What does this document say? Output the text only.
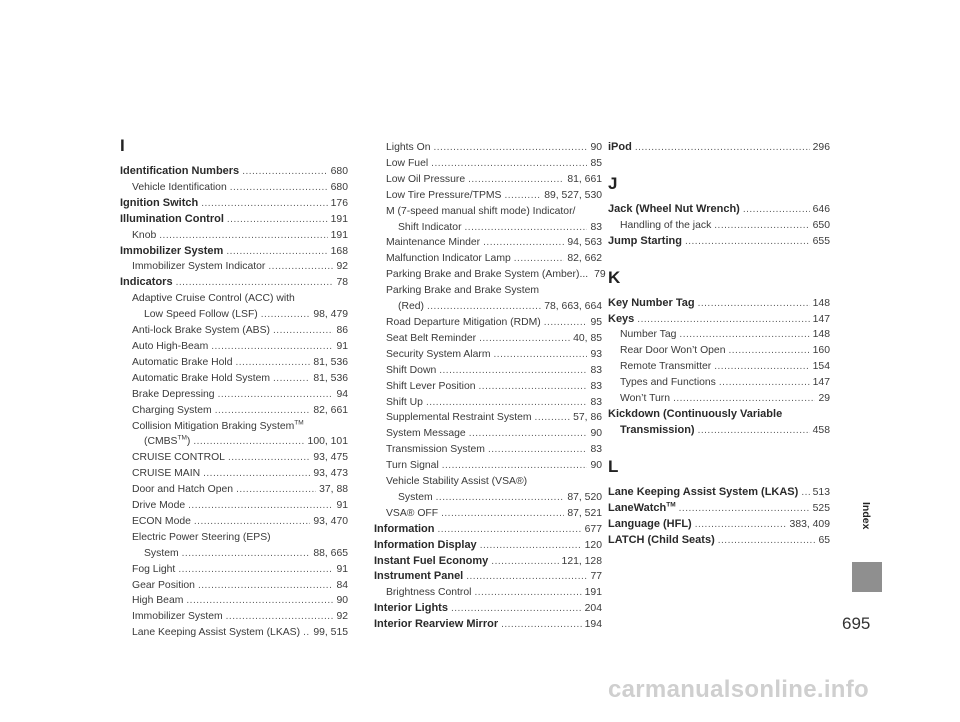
I
Identification Numbers .....	680
Vehicle Identification .....	680
Ignition Switch .....	176
Illumination Control .....	191
Knob .....	191
Immobilizer System .....	168
Immobilizer System Indicator .....	92
Indicators .....	78
Adaptive Cruise Control (ACC) with
Low Speed Follow (LSF) .....	98, 479
Anti-lock Brake System (ABS) .....	86
Auto High-Beam .....	91
Automatic Brake Hold .....	81, 536
Automatic Brake Hold System .....	81, 536
Brake Depressing .....	94
Charging System .....	82, 661
Collision Mitigation Braking System™
(CMBS™) .....	100, 101
CRUISE CONTROL .....	93, 475
CRUISE MAIN .....	93, 473
Door and Hatch Open .....	37, 88
Drive Mode .....	91
ECON Mode .....	93, 470
Electric Power Steering (EPS)
System .....	88, 665
Fog Light .....	91
Gear Position .....	84
High Beam .....	90
Immobilizer System .....	92
Lane Keeping Assist System (LKAS) ..... 99, 515
Lights On .....	90
Low Fuel .....	85
Low Oil Pressure .....	81, 661
Low Tire Pressure/TPMS .....	89, 527, 530
M (7-speed manual shift mode) Indicator/
Shift Indicator .....	83
Maintenance Minder .....	94, 563
Malfunction Indicator Lamp .....	82, 662
Parking Brake and Brake System (Amber)... 79
Parking Brake and Brake System
(Red) .....	78, 663, 664
Road Departure Mitigation (RDM) .....	95
Seat Belt Reminder .....	40, 85
Security System Alarm .....	93
Shift Down .....	83
Shift Lever Position .....	83
Shift Up .....	83
Supplemental Restraint System .....	57, 86
System Message .....	90
Transmission System .....	83
Turn Signal .....	90
Vehicle Stability Assist (VSA®)
System .....	87, 520
VSA® OFF .....	87, 521
Information .....	677
Information Display .....	120
Instant Fuel Economy .....	121, 128
Instrument Panel .....	77
Brightness Control .....	191
Interior Lights .....	204
Interior Rearview Mirror .....	194
iPod .....	296
J
Jack (Wheel Nut Wrench) .....	646
Handling of the jack .....	650
Jump Starting .....	655
K
Key Number Tag .....	148
Keys .....	147
Number Tag .....	148
Rear Door Won’t Open .....	160
Remote Transmitter .....	154
Types and Functions .....	147
Won’t Turn .....	29
Kickdown (Continuously Variable
Transmission) .....	458
L
Lane Keeping Assist System (LKAS) ..... 513
LaneWatch™ .....	525
Language (HFL) .....	383, 409
LATCH (Child Seats) .....	65
Index
695
carmanualsonline.info
